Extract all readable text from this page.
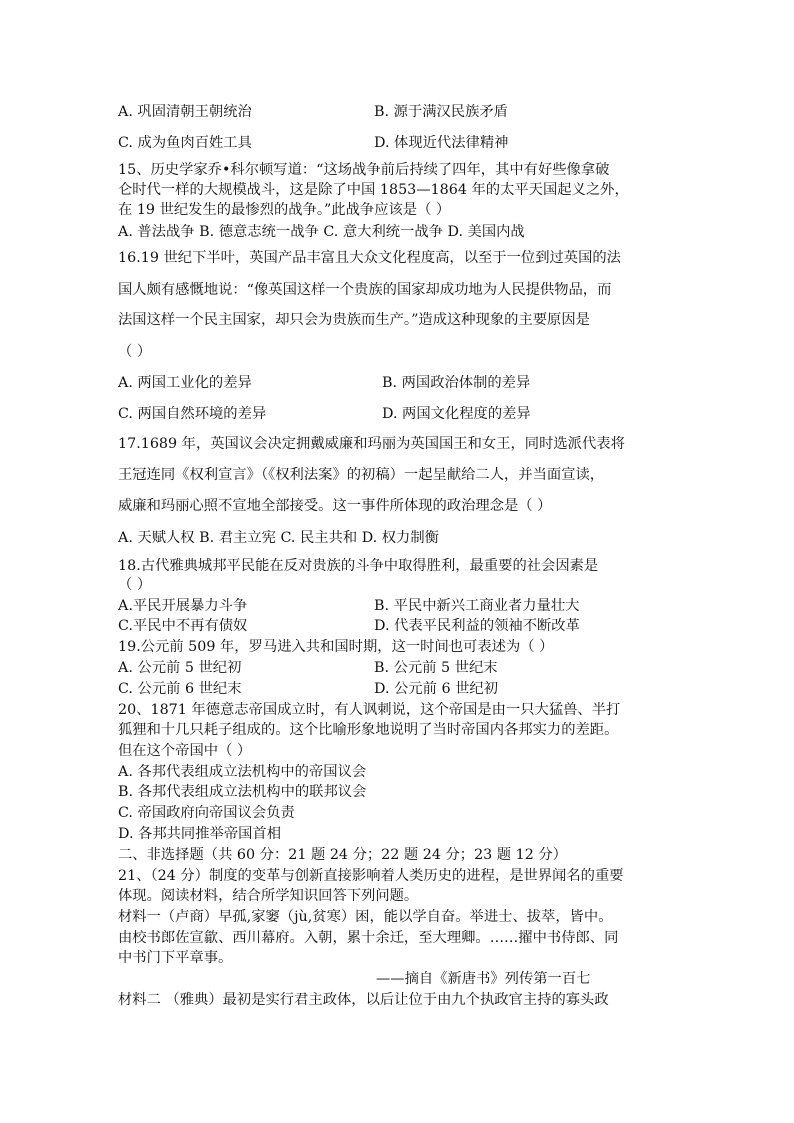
A. 巩固清朝王朝统治	B. 源于满汉民族矛盾
C. 成为鱼肉百姓工具	D. 体现近代法律精神
15、历史学家乔•科尔顿写道：“这场战争前后持续了四年，其中有好些像拿破
仑时代一样的大规模战斗，这是除了中国 1853—1864 年的太平天国起义之外，
在 19 世纪发生的最惨烈的战争。”此战争应该是（ ）
A. 普法战争 B. 德意志统一战争 C. 意大利统一战争 D. 美国内战
16.19 世纪下半叶，英国产品丰富且大众文化程度高，以至于一位到过英国的法
国人颇有感慨地说：“像英国这样一个贵族的国家却成功地为人民提供物品，而
法国这样一个民主国家，却只会为贵族而生产。”造成这种现象的主要原因是
（ ）
A. 两国工业化的差异	B. 两国政治体制的差异
C. 两国自然环境的差异	D. 两国文化程度的差异
17.1689 年，英国议会决定拥戴威廉和玛丽为英国国王和女王，同时选派代表将
王冠连同《权利宣言》（《权利法案》的初稿）一起呈献给二人，并当面宣读，
威廉和玛丽心照不宣地全部接受。这一事件所体现的政治理念是（ ）
A. 天赋人权 B. 君主立宪 C. 民主共和 D. 权力制衡
18.古代雅典城邦平民能在反对贵族的斗争中取得胜利，最重要的社会因素是
（ ）
A.平民开展暴力斗争	B. 平民中新兴工商业者力量壮大
C.平民中不再有债奴	D. 代表平民利益的领袖不断改革
19.公元前 509 年，罗马进入共和国时期，这一时间也可表述为（ ）
A. 公元前 5 世纪初	B. 公元前 5 世纪末
C. 公元前 6 世纪末	D. 公元前 6 世纪初
20、1871 年德意志帝国成立时，有人讽刺说，这个帝国是由一只大猛兽、半打
狐狸和十几只耗子组成的。这个比喻形象地说明了当时帝国内各邦实力的差距。
但在这个帝国中（ ）
A. 各邦代表组成立法机构中的帝国议会
B. 各邦代表组成立法机构中的联邦议会
C. 帝国政府向帝国议会负责
D. 各邦共同推举帝国首相
二、非选择题（共 60 分：21 题 24 分；22 题 24 分；23 题 12 分）
21、（24 分）制度的变革与创新直接影响着人类历史的进程，是世界闻名的重要
体现。阅读材料，结合所学知识回答下列问题。
材料一（卢商）早孤,家窭（jù,贫寒）困，能以学自奋。举进士、拔萃，皆中。
由校书郎佐宣歙、西川幕府。入朝，累十余迁，至大理卿。……擢中书侍郎、同
中书门下平章事。
——摘自《新唐书》列传第一百七
材料二 （雅典）最初是实行君主政体，以后让位于由九个执政官主持的寡头政
